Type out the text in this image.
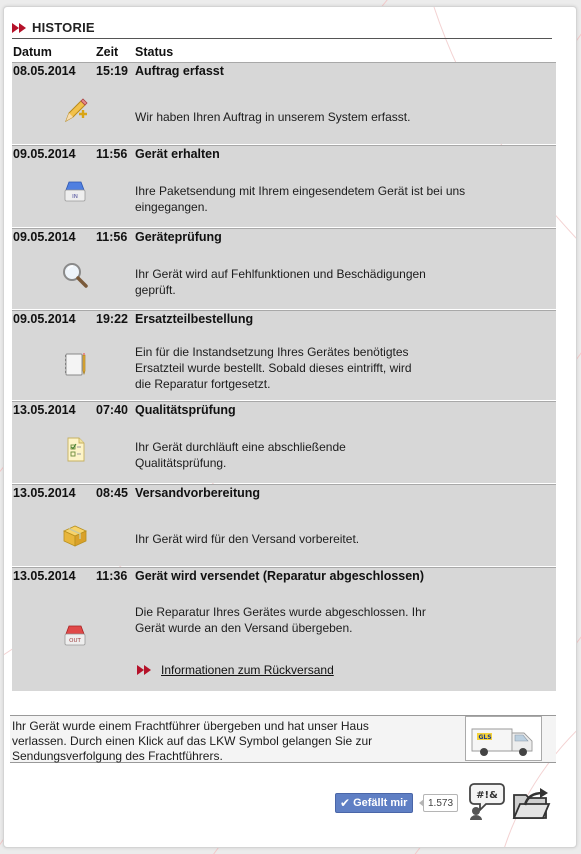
HISTORIE
Datum	Zeit Status
08.05.2014 15:19 Auftrag erfasst
Wir haben Ihren Auftrag in unserem System erfasst.
09.05.2014 11:56 Gerät erhalten
IN	Ihre Paketsendung mit Ihrem eingesendetem Gerät ist bei uns eingegangen.
09.05.2014 11:56 Geräteprüfung
Ihr Gerät wird auf Fehlfunktionen und Beschädigungen geprüft.
09.05.2014 19:22 Ersatzteilbestellung
Ein für die Instandsetzung Ihres Gerätes benötigtes Ersatzteil wurde bestellt. Sobald dieses eintrifft, wird die Reparatur fortgesetzt.
13.05.2014 07:40 Qualitätsprüfung
Ihr Gerät durchläuft eine abschließende Qualitätsprüfung.
13.05.2014 08:45 Versandvorbereitung
Ihr Gerät wird für den Versand vorbereitet.
13.05.2014 11:36 Gerät wird versendet (Reparatur abgeschlossen)
OUT
Die Reparatur Ihres Gerätes wurde abgeschlossen. Ihr Gerät wurde an den Versand übergeben.
Informationen zum Rückversand
Ihr Gerät wurde einem Frachtführer übergeben und hat unser Haus verlassen. Durch einen Klick auf das LKW Symbol gelangen Sie zur Sendungsverfolgung des Frachtführers.
GLS
✔ Gefällt mir	1.573
#!&
